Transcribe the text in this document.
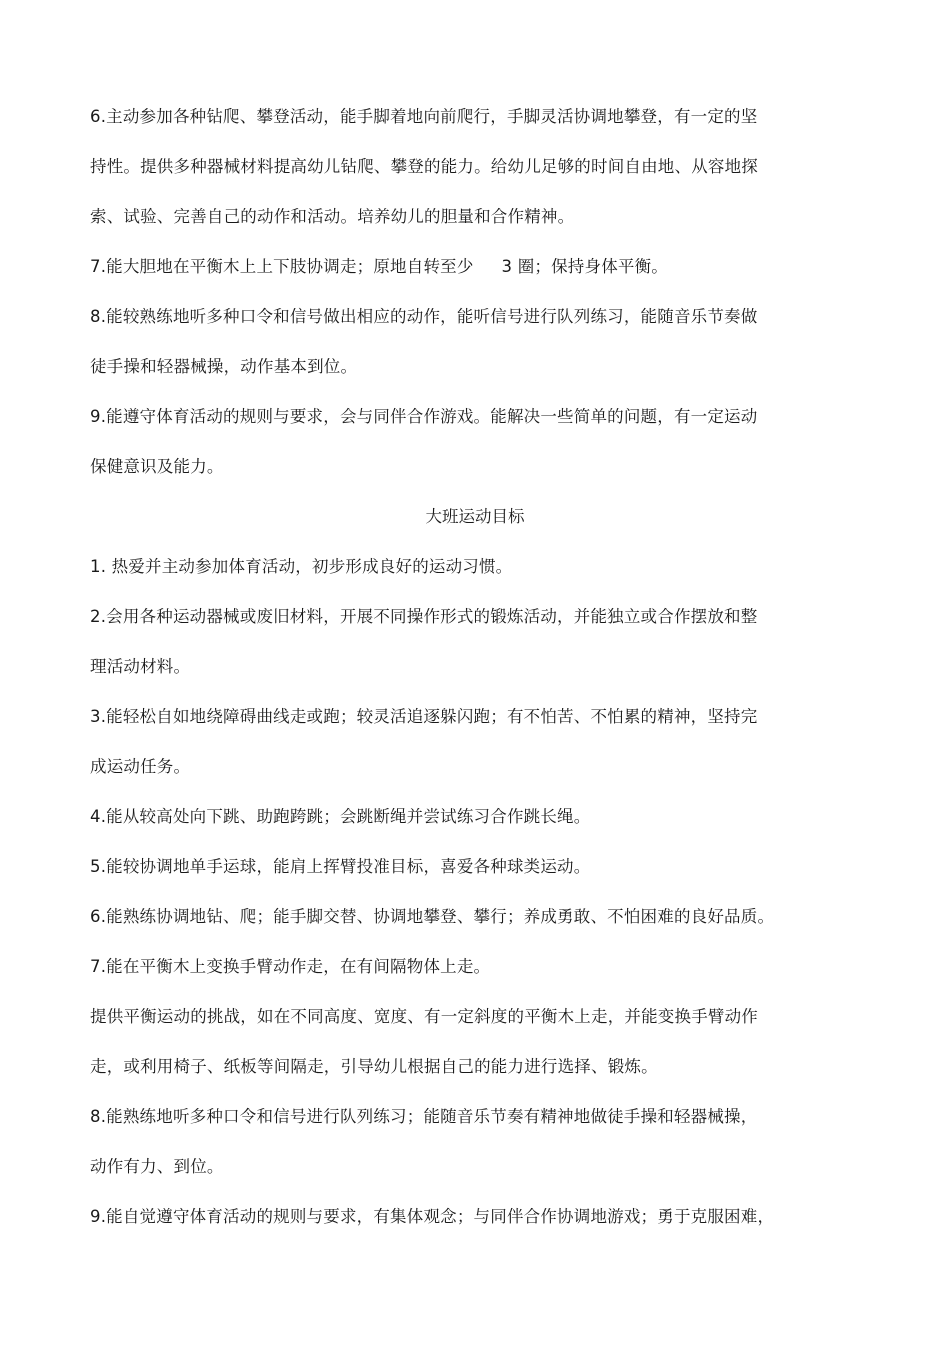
6.主动参加各种钻爬、攀登活动，能手脚着地向前爬行，手脚灵活协调地攀登，有一定的坚
持性。提供多种器械材料提高幼儿钻爬、攀登的能力。给幼儿足够的时间自由地、从容地探
索、试验、完善自己的动作和活动。培养幼儿的胆量和合作精神。
7.能大胆地在平衡木上上下肢协调走；原地自转至少 3 圈；保持身体平衡。
8.能较熟练地听多种口令和信号做出相应的动作，能听信号进行队列练习，能随音乐节奏做
徒手操和轻器械操，动作基本到位。
9.能遵守体育活动的规则与要求，会与同伴合作游戏。能解决一些简单的问题，有一定运动
保健意识及能力。
大班运动目标
1. 热爱并主动参加体育活动，初步形成良好的运动习惯。
2.会用各种运动器械或废旧材料，开展不同操作形式的锻炼活动，并能独立或合作摆放和整
理活动材料。
3.能轻松自如地绕障碍曲线走或跑；较灵活追逐躲闪跑；有不怕苦、不怕累的精神，坚持完
成运动任务。
4.能从较高处向下跳、助跑跨跳；会跳断绳并尝试练习合作跳长绳。
5.能较协调地单手运球，能肩上挥臂投准目标，喜爱各种球类运动。
6.能熟练协调地钻、爬；能手脚交替、协调地攀登、攀行；养成勇敢、不怕困难的良好品质。
7.能在平衡木上变换手臂动作走，在有间隔物体上走。
提供平衡运动的挑战，如在不同高度、宽度、有一定斜度的平衡木上走，并能变换手臂动作
走，或利用椅子、纸板等间隔走，引导幼儿根据自己的能力进行选择、锻炼。
8.能熟练地听多种口令和信号进行队列练习；能随音乐节奏有精神地做徒手操和轻器械操，
动作有力、到位。
9.能自觉遵守体育活动的规则与要求，有集体观念；与同伴合作协调地游戏；勇于克服困难，
